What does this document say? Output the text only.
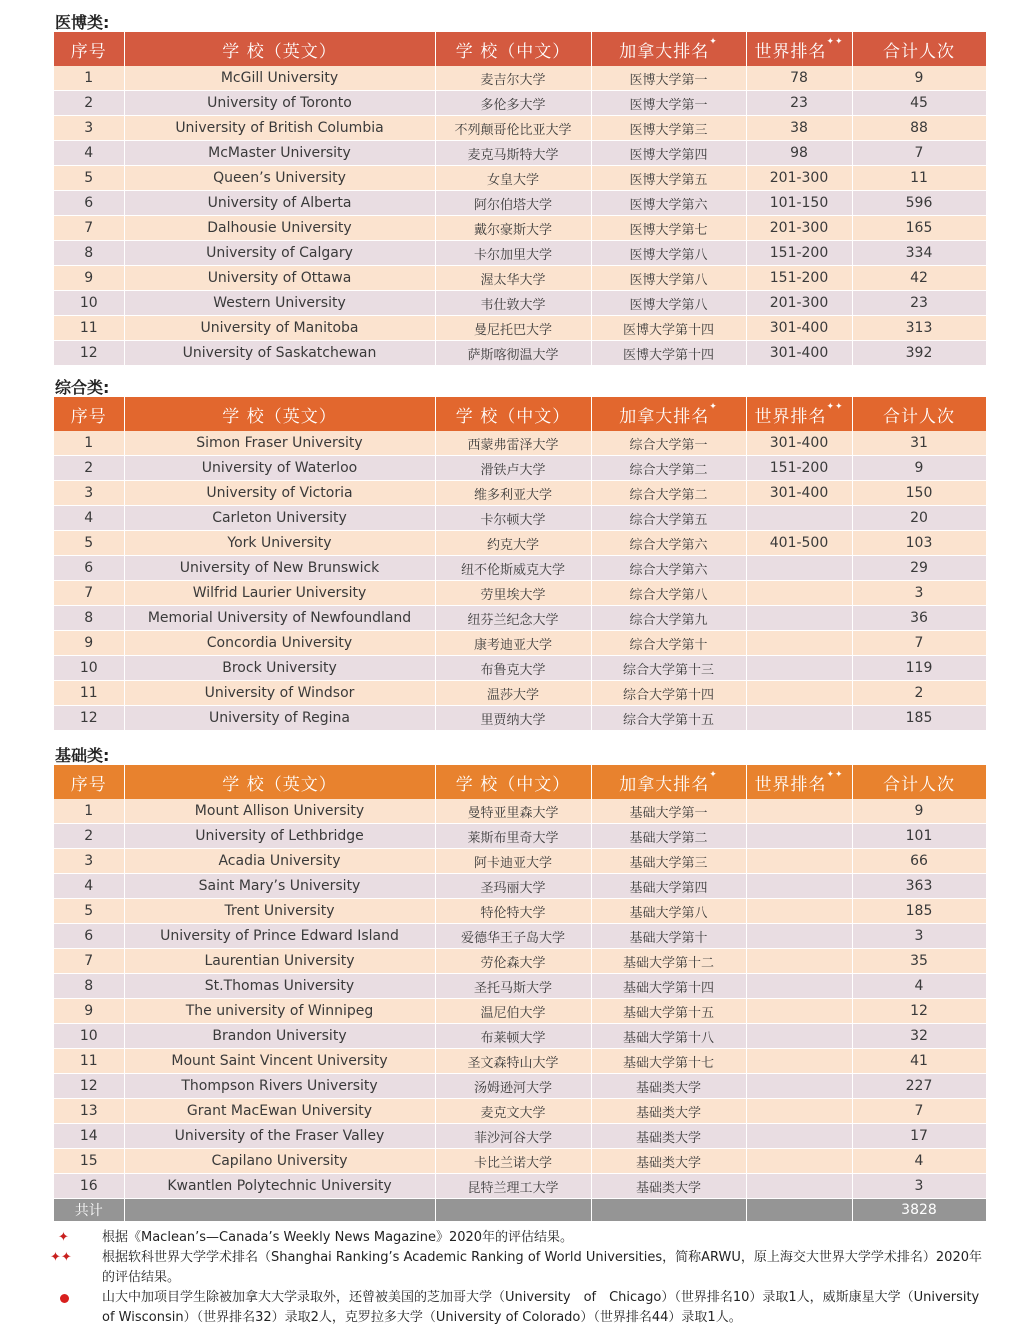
医博类:
序号	学 校（英文）	学 校（中文）	加拿大排名✦	世界排名✦✦	合计人次
1	McGill University	麦吉尔大学	医博大学第一	78	9
2	University of Toronto	多伦多大学	医博大学第一	23	45
3	University of British Columbia	不列颠哥伦比亚大学	医博大学第三	38	88
4	McMaster University	麦克马斯特大学	医博大学第四	98	7
5	Queen’s University	女皇大学	医博大学第五	201-300	11
6	University of Alberta	阿尔伯塔大学	医博大学第六	101-150	596
7	Dalhousie University	戴尔豪斯大学	医博大学第七	201-300	165
8	University of Calgary	卡尔加里大学	医博大学第八	151-200	334
9	University of Ottawa	渥太华大学	医博大学第八	151-200	42
10	Western University	韦仕敦大学	医博大学第八	201-300	23
11	University of Manitoba	曼尼托巴大学	医博大学第十四	301-400	313
12	University of Saskatchewan	萨斯喀彻温大学	医博大学第十四	301-400	392
综合类:
序号	学 校（英文）	学 校（中文）	加拿大排名✦	世界排名✦✦	合计人次
1	Simon Fraser University	西蒙弗雷泽大学	综合大学第一	301-400	31
2	University of Waterloo	滑铁卢大学	综合大学第二	151-200	9
3	University of Victoria	维多利亚大学	综合大学第二	301-400	150
4	Carleton University	卡尔顿大学	综合大学第五		20
5	York University	约克大学	综合大学第六	401-500	103
6	University of New Brunswick	纽不伦斯威克大学	综合大学第六		29
7	Wilfrid Laurier University	劳里埃大学	综合大学第八		3
8	Memorial University of Newfoundland	纽芬兰纪念大学	综合大学第九		36
9	Concordia University	康考迪亚大学	综合大学第十		7
10	Brock University	布鲁克大学	综合大学第十三		119
11	University of Windsor	温莎大学	综合大学第十四		2
12	University of Regina	里贾纳大学	综合大学第十五		185
基础类:
序号	学 校（英文）	学 校（中文）	加拿大排名✦	世界排名✦✦	合计人次
1	Mount Allison University	曼特亚里森大学	基础大学第一		9
2	University of Lethbridge	莱斯布里奇大学	基础大学第二		101
3	Acadia University	阿卡迪亚大学	基础大学第三		66
4	Saint Mary’s University	圣玛丽大学	基础大学第四		363
5	Trent University	特伦特大学	基础大学第八		185
6	University of Prince Edward Island	爱德华王子岛大学	基础大学第十		3
7	Laurentian University	劳伦森大学	基础大学第十二		35
8	St.Thomas University	圣托马斯大学	基础大学第十四		4
9	The university of Winnipeg	温尼伯大学	基础大学第十五		12
10	Brandon University	布莱顿大学	基础大学第十八		32
11	Mount Saint Vincent University	圣文森特山大学	基础大学第十七		41
12	Thompson Rivers University	汤姆逊河大学	基础类大学		227
13	Grant MacEwan University	麦克文大学	基础类大学		7
14	University of the Fraser Valley	菲沙河谷大学	基础类大学		17
15	Capilano University	卡比兰诺大学	基础类大学		4
16	Kwantlen Polytechnic University	昆特兰理工大学	基础类大学		3
共计					3828
✦	根据《Maclean’s—Canada’s Weekly News Magazine》2020年的评估结果。
✦✦ 根据软科世界大学学术排名（Shanghai Ranking’s Academic Ranking of World Universities，简称ARWU，原上海交大世界大学学术排名）2020年的评估结果。
山大中加项目学生除被加拿大大学录取外，还曾被美国的芝加哥大学（University　of　Chicago）（世界排名10）录取1人，威斯康星大学（University of Wisconsin）（世界排名32）录取2人，克罗拉多大学（University of Colorado）（世界排名44）录取1人。
